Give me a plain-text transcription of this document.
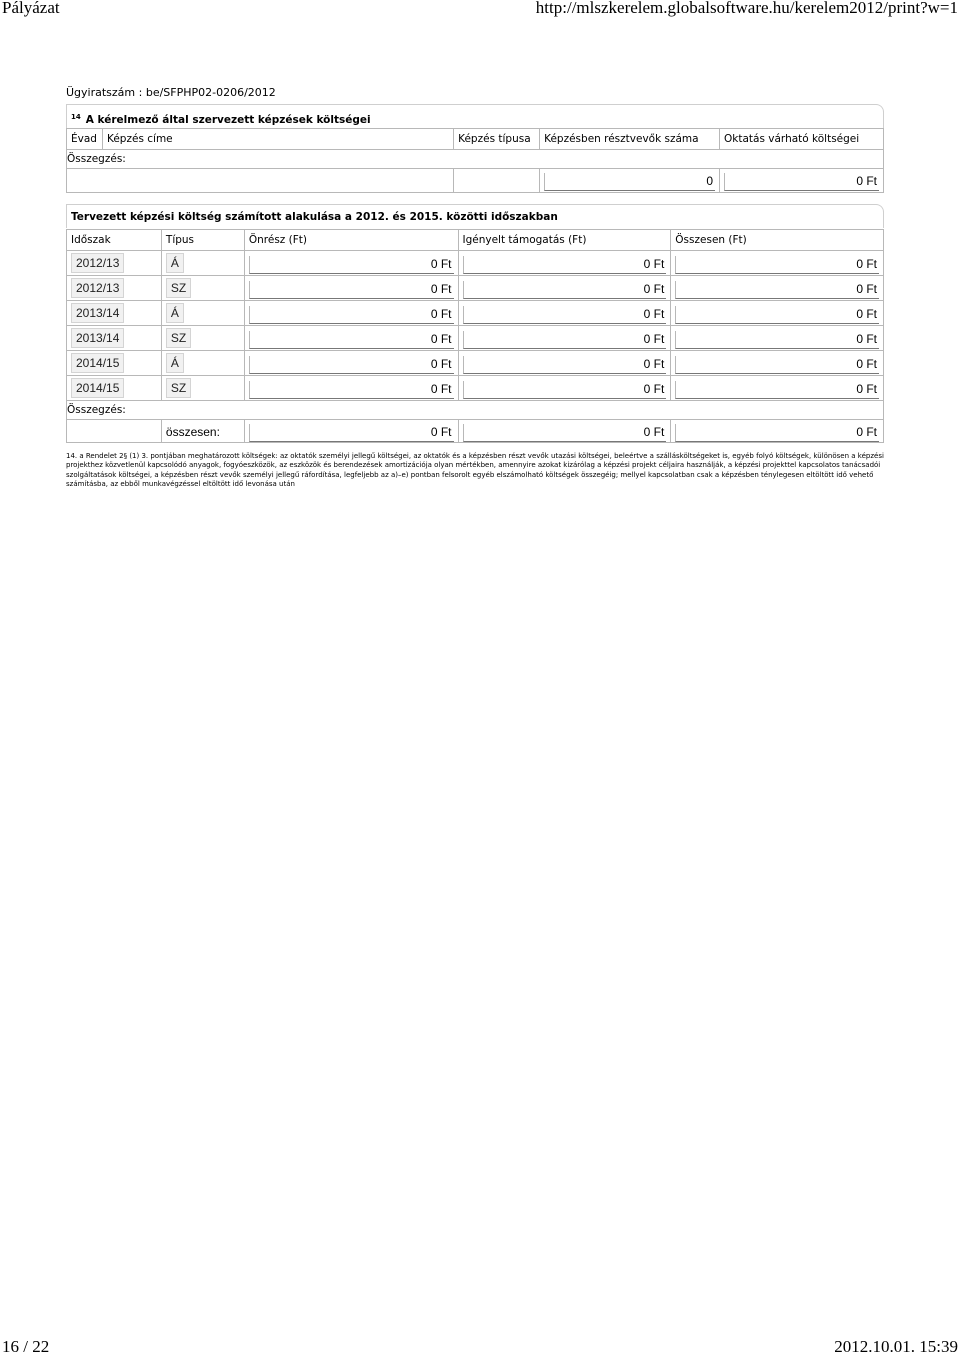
Pályázat	http://mlszkerelem.globalsoftware.hu/kerelem2012/print?w=1
Ügyiratszám : be/SFPHP02-0206/2012
$^{14}$ A kérelmező által szervezett képzések költségei
Évad	Képzés címe	Képzés típusa	Képzésben résztvevők száma	Oktatás várható költségei
Összegzés:				

			0	0 Ft
Tervezett képzési költség számított alakulása a 2012. és 2015. közötti időszakban
Időszak	Típus	Önrész (Ft)	Igényelt támogatás (Ft)	Összesen (Ft)
2012/13	Á	0 Ft	0 Ft	0 Ft

2012/13	SZ	0 Ft	0 Ft	0 Ft

2013/14	Á	0 Ft	0 Ft	0 Ft

2013/14	SZ	0 Ft	0 Ft	0 Ft

2014/15	Á	0 Ft	0 Ft	0 Ft

2014/15	SZ	0 Ft	0 Ft	0 Ft

Összegzés:				

	összesen:	0 Ft	0 Ft	0 Ft
14. a Rendelet 2§ (1) 3. pontjában meghatározott költségek: az oktatók személyi jellegű költségei, az oktatók és a képzésben részt vevők utazási költségei, beleértve a szállásköltségeket is, egyéb folyó költségek, különösen a képzési projekthez közvetlenül kapcsolódó anyagok, fogyóeszközök, az eszközök és berendezések amortizációja olyan mértékben, amennyire azokat kizárólag a képzési projekt céljaira használják, a képzési projekttel kapcsolatos tanácsadói szolgáltatások költségei, a képzésben részt vevők személyi jellegű ráfordítása, legfeljebb az a)–e) pontban felsorolt egyéb elszámolható költségek összegéig; mellyel kapcsolatban csak a képzésben ténylegesen eltöltött idő vehető számításba, az ebből munkavégzéssel eltöltött idő levonása után
16 / 22	2012.10.01. 15:39
